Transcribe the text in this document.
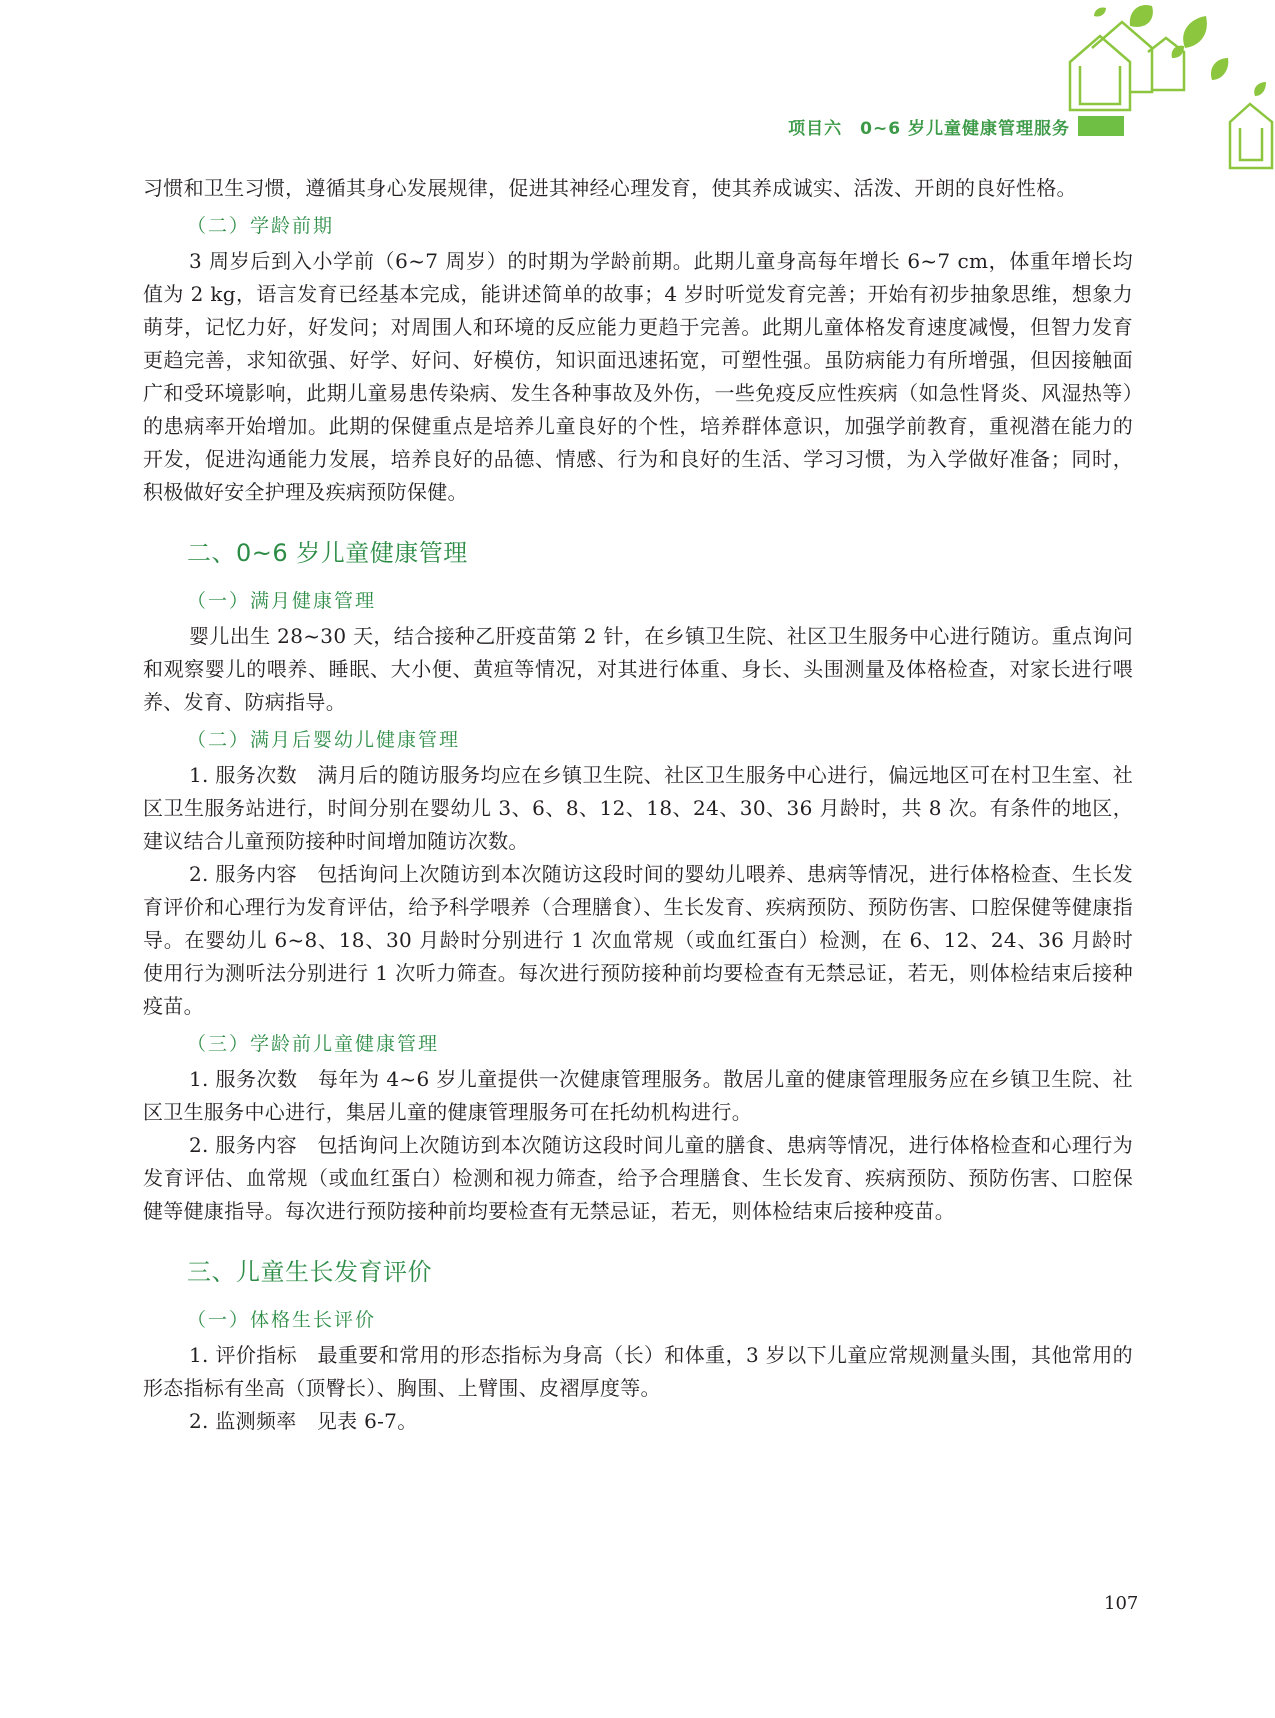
项目六　0~6 岁儿童健康管理服务

习惯和卫生习惯，遵循其身心发展规律，促进其神经心理发育，使其养成诚实、活泼、开朗的良好性格。

（二）学龄前期

3 周岁后到入小学前（6~7 周岁）的时期为学龄前期。此期儿童身高每年增长 6~7 cm，体重年增长均值为 2 kg，语言发育已经基本完成，能讲述简单的故事；4 岁时听觉发育完善；开始有初步抽象思维，想象力萌芽，记忆力好，好发问；对周围人和环境的反应能力更趋于完善。此期儿童体格发育速度减慢，但智力发育更趋完善，求知欲强、好学、好问、好模仿，知识面迅速拓宽，可塑性强。虽防病能力有所增强，但因接触面广和受环境影响，此期儿童易患传染病、发生各种事故及外伤，一些免疫反应性疾病（如急性肾炎、风湿热等）的患病率开始增加。此期的保健重点是培养儿童良好的个性，培养群体意识，加强学前教育，重视潜在能力的开发，促进沟通能力发展，培养良好的品德、情感、行为和良好的生活、学习习惯，为入学做好准备；同时，积极做好安全护理及疾病预防保健。

二、0~6 岁儿童健康管理
（一）满月健康管理

婴儿出生 28~30 天，结合接种乙肝疫苗第 2 针，在乡镇卫生院、社区卫生服务中心进行随访。重点询问和观察婴儿的喂养、睡眠、大小便、黄疸等情况，对其进行体重、身长、头围测量及体格检查，对家长进行喂养、发育、防病指导。

（二）满月后婴幼儿健康管理

1. 服务次数　满月后的随访服务均应在乡镇卫生院、社区卫生服务中心进行，偏远地区可在村卫生室、社区卫生服务站进行，时间分别在婴幼儿 3、6、8、12、18、24、30、36 月龄时，共 8 次。有条件的地区，建议结合儿童预防接种时间增加随访次数。

2. 服务内容　包括询问上次随访到本次随访这段时间的婴幼儿喂养、患病等情况，进行体格检查、生长发育评价和心理行为发育评估，给予科学喂养（合理膳食）、生长发育、疾病预防、预防伤害、口腔保健等健康指导。在婴幼儿 6~8、18、30 月龄时分别进行 1 次血常规（或血红蛋白）检测，在 6、12、24、36 月龄时使用行为测听法分别进行 1 次听力筛查。每次进行预防接种前均要检查有无禁忌证，若无，则体检结束后接种疫苗。

（三）学龄前儿童健康管理

1. 服务次数　每年为 4~6 岁儿童提供一次健康管理服务。散居儿童的健康管理服务应在乡镇卫生院、社区卫生服务中心进行，集居儿童的健康管理服务可在托幼机构进行。

2. 服务内容　包括询问上次随访到本次随访这段时间儿童的膳食、患病等情况，进行体格检查和心理行为发育评估、血常规（或血红蛋白）检测和视力筛查，给予合理膳食、生长发育、疾病预防、预防伤害、口腔保健等健康指导。每次进行预防接种前均要检查有无禁忌证，若无，则体检结束后接种疫苗。

三、儿童生长发育评价
（一）体格生长评价

1. 评价指标　最重要和常用的形态指标为身高（长）和体重，3 岁以下儿童应常规测量头围，其他常用的形态指标有坐高（顶臀长）、胸围、上臂围、皮褶厚度等。

2. 监测频率　见表 6-7。

107
